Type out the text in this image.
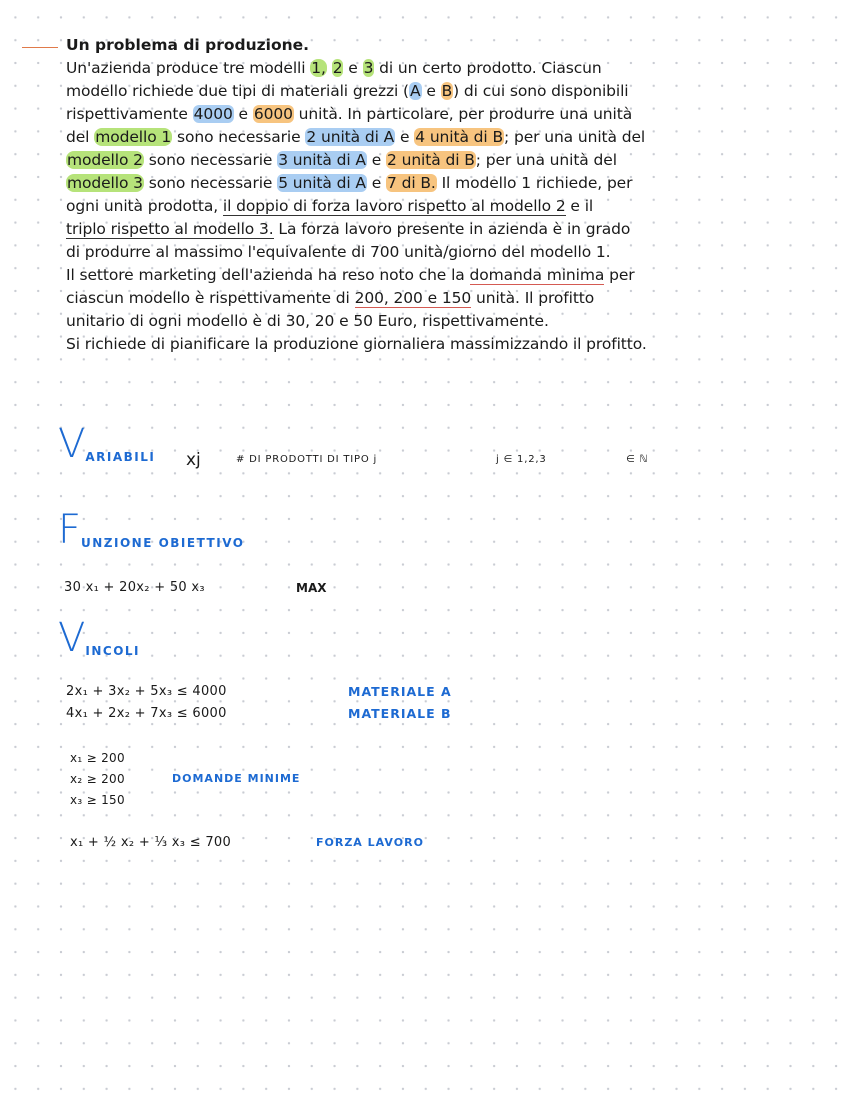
Un problema di produzione.

Un'azienda produce tre modelli 1, 2 e 3 di un certo prodotto. Ciascun
modello richiede due tipi di materiali grezzi (A e B) di cui sono disponibili
rispettivamente 4000 e 6000 unità. In particolare, per produrre una unità
del modello 1 sono necessarie 2 unità di A e 4 unità di B; per una unità del
modello 2 sono necessarie 3 unità di A e 2 unità di B; per una unità del
modello 3 sono necessarie 5 unità di A e 7 di B. Il modello 1 richiede, per
ogni unità prodotta, il doppio di forza lavoro rispetto al modello 2 e il
triplo rispetto al modello 3. La forza lavoro presente in azienda è in grado
di produrre al massimo l'equivalente di 700 unità/giorno del modello 1.
Il settore marketing dell'azienda ha reso noto che la domanda minima per
ciascun modello è rispettivamente di 200, 200 e 150 unità. Il profitto
unitario di ogni modello è di 30, 20 e 50 Euro, rispettivamente.
Si richiede di pianificare la produzione giornaliera massimizzando il profitto.
VARIABILI xj	# DI PRODOTTI DI TIPO j	j ∈ 1,2,3	∈ ℕ
FUNZIONE OBIETTIVO
30 x₁ + 20x₂ + 50 x₃	MAX
VINCOLI
2x₁ + 3x₂ + 5x₃ ≤ 4000	MATERIALE A
4x₁ + 2x₂ + 7x₃ ≤ 6000	MATERIALE B
x₁ ≥ 200
x₂ ≥ 200
x₃ ≥ 150
DOMANDE MINIME
x₁ + ½ x₂ + ⅓ x₃ ≤ 700	FORZA LAVORO
